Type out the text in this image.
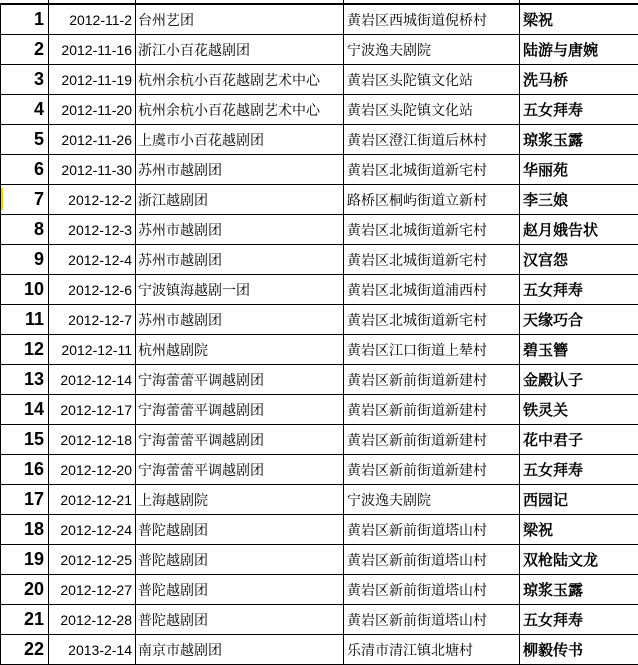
1	2012-11-2	台州艺团	黄岩区西城街道倪桥村	梁祝
2	2012-11-16	浙江小百花越剧团	宁波逸夫剧院	陆游与唐婉
3	2012-11-19	杭州余杭小百花越剧艺术中心	黄岩区头陀镇文化站	洗马桥
4	2012-11-20	杭州余杭小百花越剧艺术中心	黄岩区头陀镇文化站	五女拜寿
5	2012-11-26	上虞市小百花越剧团	黄岩区澄江街道后林村	琼浆玉露
6	2012-11-30	苏州市越剧团	黄岩区北城街道新宅村	华丽苑
7	2012-12-2	浙江越剧团	路桥区桐屿街道立新村	李三娘
8	2012-12-3	苏州市越剧团	黄岩区北城街道新宅村	赵月娥告状
9	2012-12-4	苏州市越剧团	黄岩区北城街道新宅村	汉宫怨
10	2012-12-6	宁波镇海越剧一团	黄岩区北城街道浦西村	五女拜寿
11	2012-12-7	苏州市越剧团	黄岩区北城街道新宅村	天缘巧合
12	2012-12-11	杭州越剧院	黄岩区江口街道上辇村	碧玉簪
13	2012-12-14	宁海蕾蕾平调越剧团	黄岩区新前街道新建村	金殿认子
14	2012-12-17	宁海蕾蕾平调越剧团	黄岩区新前街道新建村	铁灵关
15	2012-12-18	宁海蕾蕾平调越剧团	黄岩区新前街道新建村	花中君子
16	2012-12-20	宁海蕾蕾平调越剧团	黄岩区新前街道新建村	五女拜寿
17	2012-12-21	上海越剧院	宁波逸夫剧院	西园记
18	2012-12-24	普陀越剧团	黄岩区新前街道塔山村	梁祝
19	2012-12-25	普陀越剧团	黄岩区新前街道塔山村	双枪陆文龙
20	2012-12-27	普陀越剧团	黄岩区新前街道塔山村	琼浆玉露
21	2012-12-28	普陀越剧团	黄岩区新前街道塔山村	五女拜寿
22	2013-2-14	南京市越剧团	乐清市清江镇北塘村	柳毅传书
